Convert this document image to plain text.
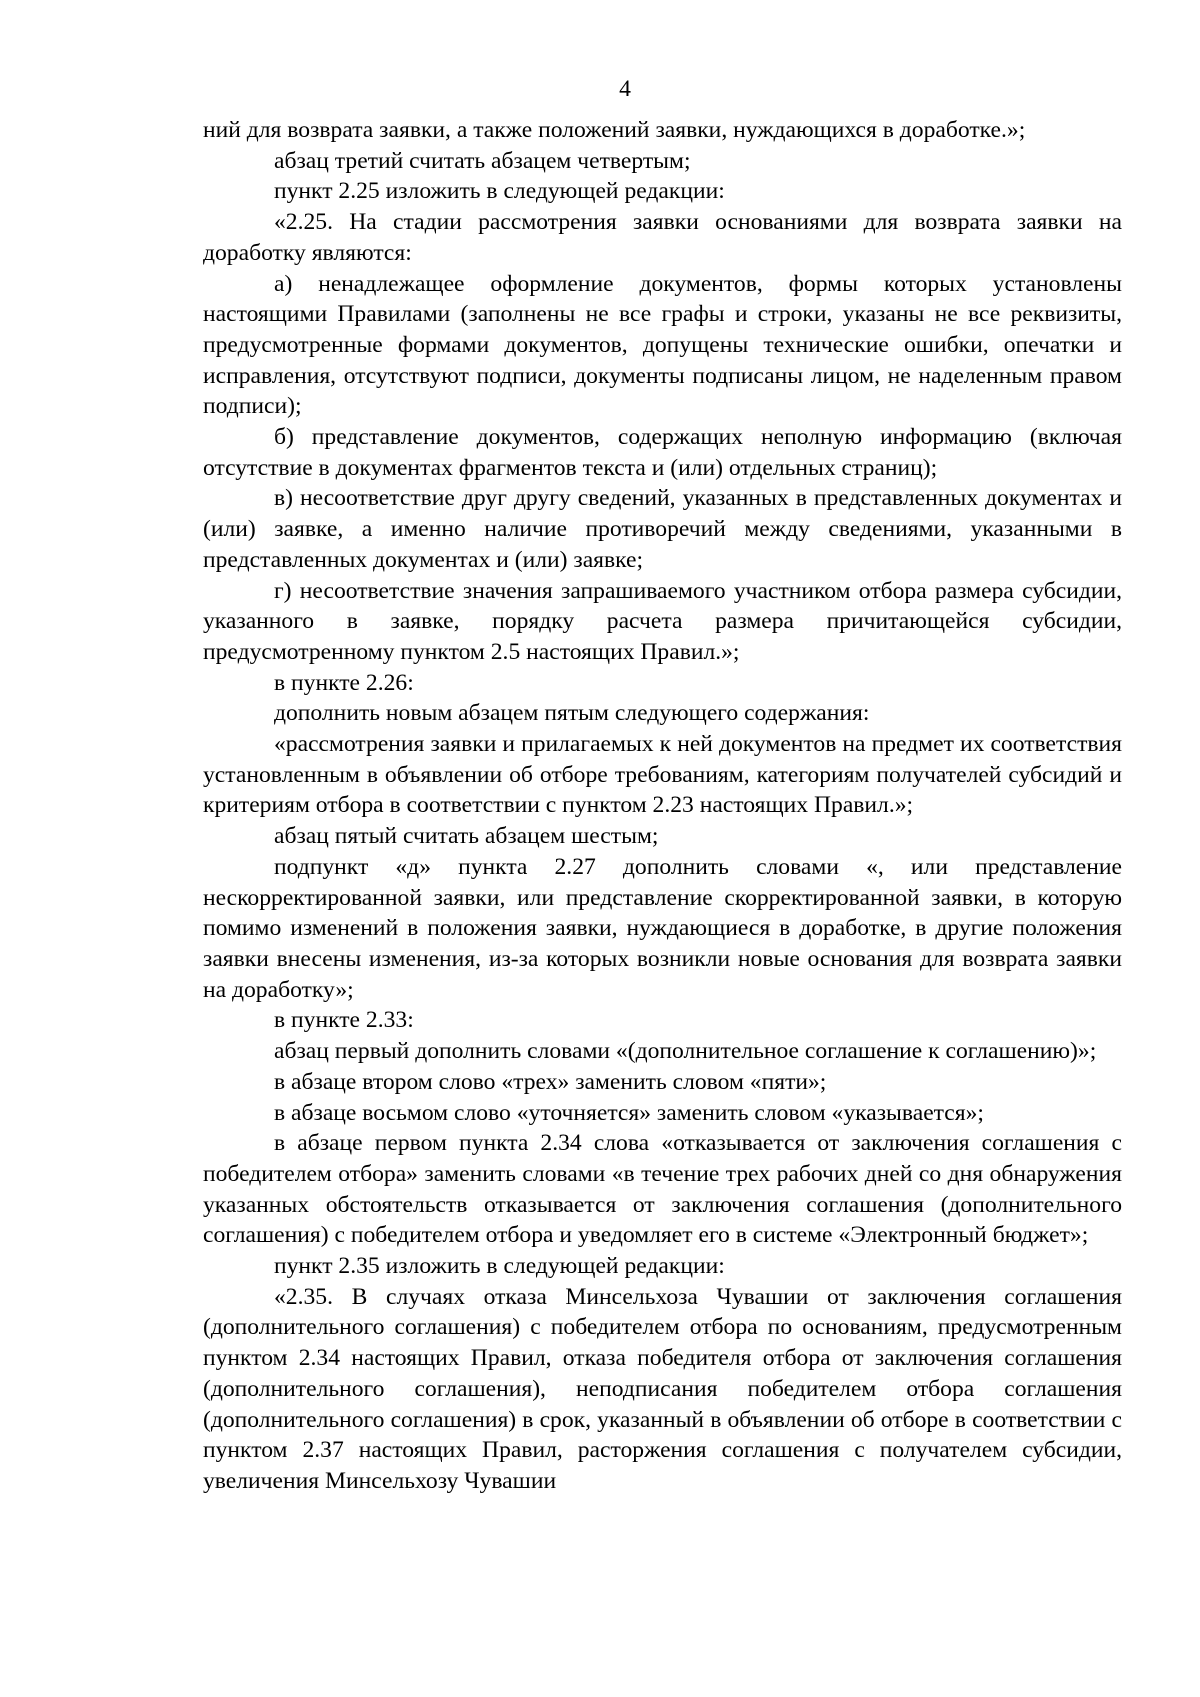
4

ний для возврата заявки, а также положений заявки, нуждающихся в доработке.»;

абзац третий считать абзацем четвертым;

пункт 2.25 изложить в следующей редакции:

«2.25. На стадии рассмотрения заявки основаниями для возврата заявки на доработку являются:

а) ненадлежащее оформление документов, формы которых установлены настоящими Правилами (заполнены не все графы и строки, указаны не все реквизиты, предусмотренные формами документов, допущены технические ошибки, опечатки и исправления, отсутствуют подписи, документы подписаны лицом, не наделенным правом подписи);

б) представление документов, содержащих неполную информацию (включая отсутствие в документах фрагментов текста и (или) отдельных страниц);

в) несоответствие друг другу сведений, указанных в представленных документах и (или) заявке, а именно наличие противоречий между сведениями, указанными в представленных документах и (или) заявке;

г) несоответствие значения запрашиваемого участником отбора размера субсидии, указанного в заявке, порядку расчета размера причитающейся субсидии, предусмотренному пунктом 2.5 настоящих Правил.»;

в пункте 2.26:

дополнить новым абзацем пятым следующего содержания:

«рассмотрения заявки и прилагаемых к ней документов на предмет их соответствия установленным в объявлении об отборе требованиям, категориям получателей субсидий и критериям отбора в соответствии с пунктом 2.23 настоящих Правил.»;

абзац пятый считать абзацем шестым;

подпункт «д» пункта 2.27 дополнить словами «, или представление нескорректированной заявки, или представление скорректированной заявки, в которую помимо изменений в положения заявки, нуждающиеся в доработке, в другие положения заявки внесены изменения, из-за которых возникли новые основания для возврата заявки на доработку»;

в пункте 2.33:

абзац первый дополнить словами «(дополнительное соглашение к соглашению)»;

в абзаце втором слово «трех» заменить словом «пяти»;

в абзаце восьмом слово «уточняется» заменить словом «указывается»;

в абзаце первом пункта 2.34 слова «отказывается от заключения соглашения с победителем отбора» заменить словами «в течение трех рабочих дней со дня обнаружения указанных обстоятельств отказывается от заключения соглашения (дополнительного соглашения) с победителем отбора и уведомляет его в системе «Электронный бюджет»;

пункт 2.35 изложить в следующей редакции:

«2.35. В случаях отказа Минсельхоза Чувашии от заключения соглашения (дополнительного соглашения) с победителем отбора по основаниям, предусмотренным пунктом 2.34 настоящих Правил, отказа победителя отбора от заключения соглашения (дополнительного соглашения), неподписания победителем отбора соглашения (дополнительного соглашения) в срок, указанный в объявлении об отборе в соответствии с пунктом 2.37 настоящих Правил, расторжения соглашения с получателем субсидии, увеличения Минсельхозу Чувашии
